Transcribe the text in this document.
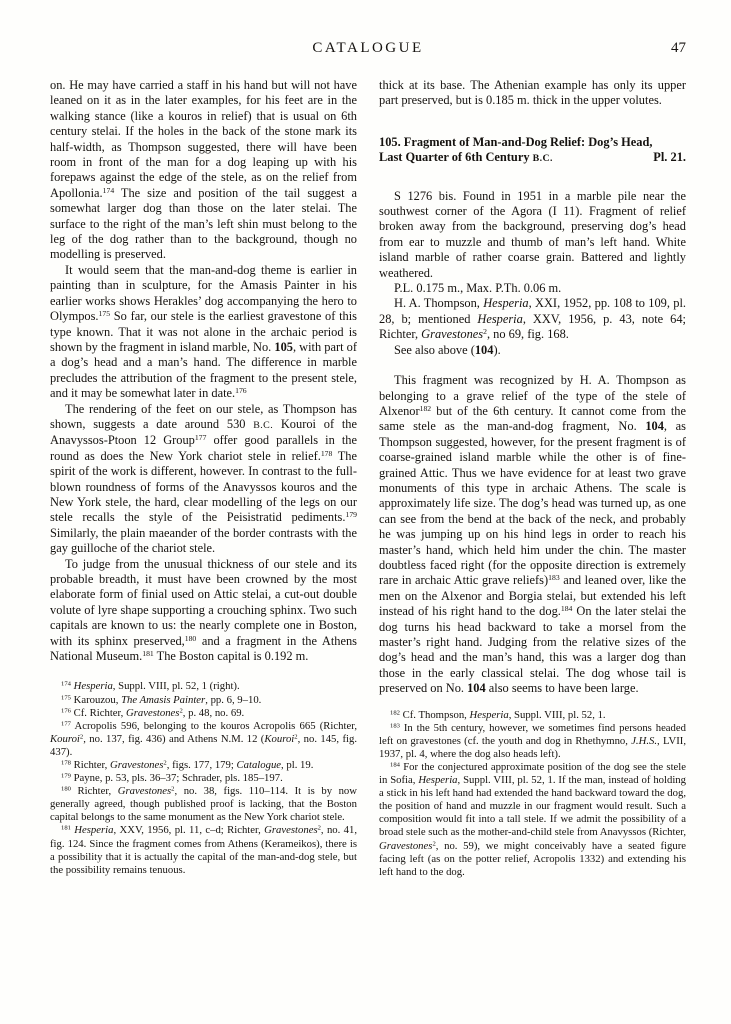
CATALOGUE	47

on. He may have carried a staff in his hand but will not have leaned on it as in the later examples, for his feet are in the walking stance (like a kouros in relief) that is usual on 6th century stelai. If the holes in the back of the stone mark its half-width, as Thompson suggested, there will have been room in front of the man for a dog leaping up with his forepaws against the edge of the stele, as on the relief from Apollonia.$^{174}$ The size and position of the tail suggest a somewhat larger dog than those on the later stelai. The surface to the right of the man’s left shin must belong to the leg of the dog rather than to the background, though no modelling is preserved.

It would seem that the man-and-dog theme is earlier in painting than in sculpture, for the Amasis Painter in his earlier works shows Herakles’ dog accompanying the hero to Olympos.$^{175}$ So far, our stele is the earliest gravestone of this type known. That it was not alone in the archaic period is shown by the fragment in island marble, No. 105, with part of a dog’s head and a man’s hand. The difference in marble precludes the attribution of the fragment to the present stele, and it may be somewhat later in date.$^{176}$

The rendering of the feet on our stele, as Thompson has shown, suggests a date around 530 B.C. Kouroi of the Anavyssos-Ptoon 12 Group$^{177}$ offer good parallels in the round as does the New York chariot stele in relief.$^{178}$ The spirit of the work is different, however. In contrast to the full-blown roundness of forms of the Anavyssos kouros and the New York stele, the hard, clear modelling of the legs on our stele recalls the style of the Peisistratid pediments.$^{179}$ Similarly, the plain maeander of the border contrasts with the gay guilloche of the chariot stele.

To judge from the unusual thickness of our stele and its probable breadth, it must have been crowned by the most elaborate form of finial used on Attic stelai, a cut-out double volute of lyre shape supporting a crouching sphinx. Two such capitals are known to us: the nearly complete one in Boston, with its sphinx preserved,$^{180}$ and a fragment in the Athens National Museum.$^{181}$ The Boston capital is 0.192 m.

$^{174}$ Hesperia, Suppl. VIII, pl. 52, 1 (right).

$^{175}$ Karouzou, The Amasis Painter, pp. 6, 9–10.

$^{176}$ Cf. Richter, Gravestones$^2$, p. 48, no. 69.

$^{177}$ Acropolis 596, belonging to the kouros Acropolis 665 (Richter, Kouroi$^2$, no. 137, fig. 436) and Athens N.M. 12 (Kouroi$^2$, no. 145, fig. 437).

$^{178}$ Richter, Gravestones$^2$, figs. 177, 179; Catalogue, pl. 19.

$^{179}$ Payne, p. 53, pls. 36–37; Schrader, pls. 185–197.

$^{180}$ Richter, Gravestones$^2$, no. 38, figs. 110–114. It is by now generally agreed, though published proof is lacking, that the Boston capital belongs to the same monument as the New York chariot stele.

$^{181}$ Hesperia, XXV, 1956, pl. 11, c–d; Richter, Gravestones$^2$, no. 41, fig. 124. Since the fragment comes from Athens (Kerameikos), there is a possibility that it is actually the capital of the man-and-dog stele, but the possibility remains tenuous.

thick at its base. The Athenian example has only its upper part preserved, but is 0.185 m. thick in the upper volutes.

105. Fragment of Man-and-Dog Relief: Dog’s Head,
Last Quarter of 6th Century B.C.	Pl. 21.

S 1276 bis. Found in 1951 in a marble pile near the southwest corner of the Agora (I 11). Fragment of relief broken away from the background, preserving dog’s head from ear to muzzle and thumb of man’s left hand. White island marble of rather coarse grain. Battered and lightly weathered.

P.L. 0.175 m., Max. P.Th. 0.06 m.

H. A. Thompson, Hesperia, XXI, 1952, pp. 108 to 109, pl. 28, b; mentioned Hesperia, XXV, 1956, p. 43, note 64; Richter, Gravestones$^2$, no 69, fig. 168.

See also above (104).

This fragment was recognized by H. A. Thompson as belonging to a grave relief of the type of the stele of Alxenor$^{182}$ but of the 6th century. It cannot come from the same stele as the man-and-dog fragment, No. 104, as Thompson suggested, however, for the present fragment is of coarse-grained island marble while the other is of fine-grained Attic. Thus we have evidence for at least two grave monuments of this type in archaic Athens. The scale is approximately life size. The dog’s head was turned up, as one can see from the bend at the back of the neck, and probably he was jumping up on his hind legs in order to reach his master’s hand, which held him under the chin. The master doubtless faced right (for the opposite direction is extremely rare in archaic Attic grave reliefs)$^{183}$ and leaned over, like the men on the Alxenor and Borgia stelai, but extended his left instead of his right hand to the dog.$^{184}$ On the later stelai the dog turns his head backward to take a morsel from the master’s right hand. Judging from the relative sizes of the dog’s head and the man’s hand, this was a larger dog than those in the early classical stelai. The dog whose tail is preserved on No. 104 also seems to have been large.

$^{182}$ Cf. Thompson, Hesperia, Suppl. VIII, pl. 52, 1.

$^{183}$ In the 5th century, however, we sometimes find persons headed left on gravestones (cf. the youth and dog in Rhethymno, J.H.S., LVII, 1937, pl. 4, where the dog also heads left).

$^{184}$ For the conjectured approximate position of the dog see the stele in Sofia, Hesperia, Suppl. VIII, pl. 52, 1. If the man, instead of holding a stick in his left hand had extended the hand backward toward the dog, the position of hand and muzzle in our fragment would result. Such a composition would fit into a tall stele. If we admit the possibility of a broad stele such as the mother-and-child stele from Anavyssos (Richter, Gravestones$^2$, no. 59), we might conceivably have a seated figure facing left (as on the potter relief, Acropolis 1332) and extending his left hand to the dog.
